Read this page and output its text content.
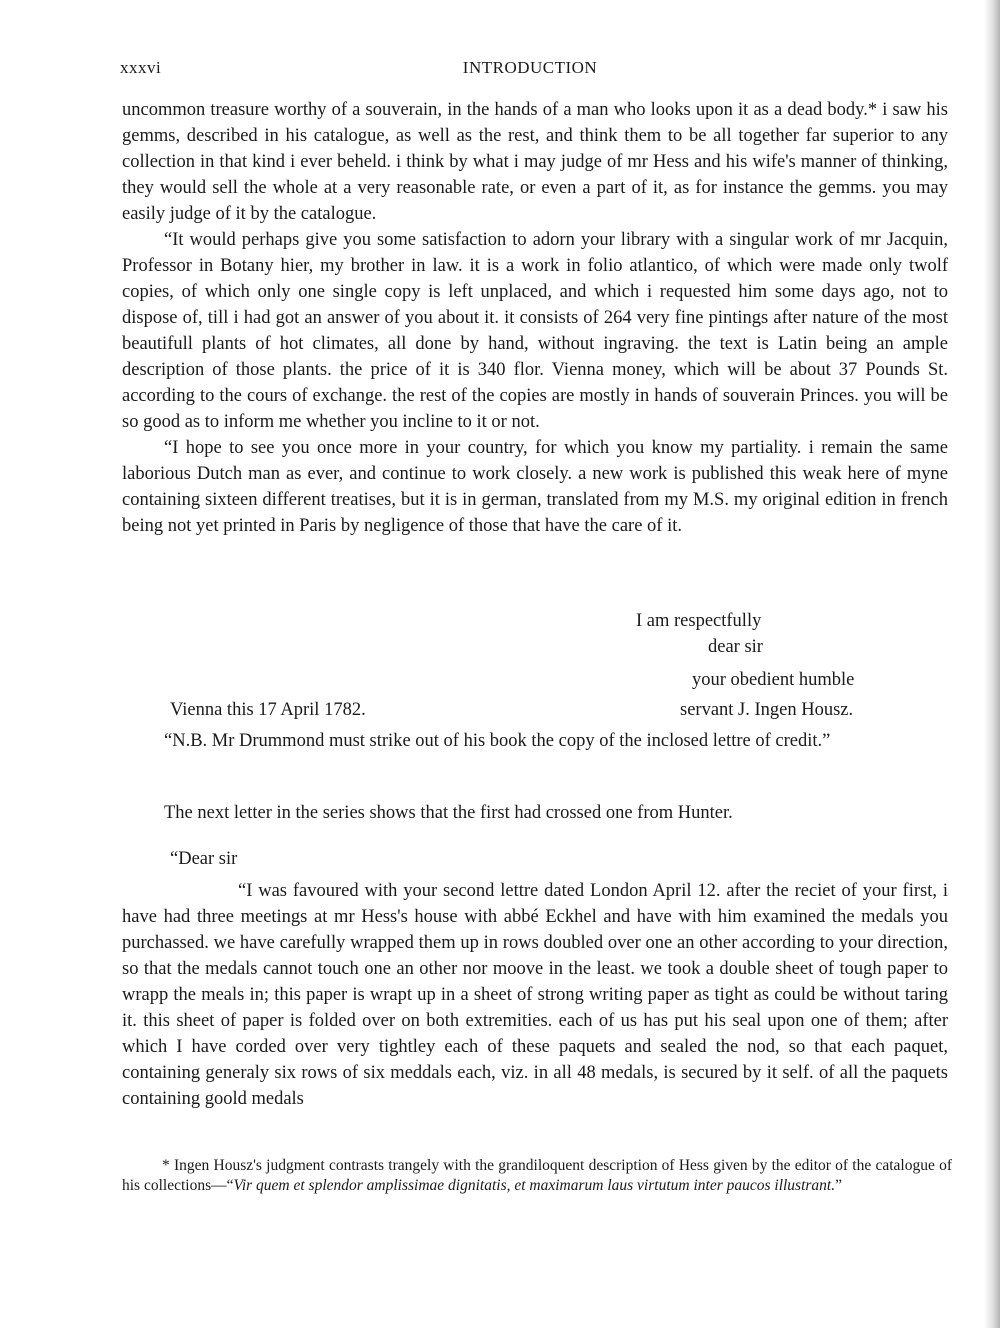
xxxvi	INTRODUCTION

uncommon treasure worthy of a souverain, in the hands of a man who looks upon it as a dead body.* i saw his gemms, described in his catalogue, as well as the rest, and think them to be all together far superior to any collection in that kind i ever beheld. i think by what i may judge of mr Hess and his wife's manner of thinking, they would sell the whole at a very reasonable rate, or even a part of it, as for instance the gemms. you may easily judge of it by the catalogue.

“It would perhaps give you some satisfaction to adorn your library with a singular work of mr Jacquin, Professor in Botany hier, my brother in law. it is a work in folio atlantico, of which were made only twolf copies, of which only one single copy is left unplaced, and which i requested him some days ago, not to dispose of, till i had got an answer of you about it. it consists of 264 very fine pintings after nature of the most beautifull plants of hot climates, all done by hand, without ingraving. the text is Latin being an ample description of those plants. the price of it is 340 flor. Vienna money, which will be about 37 Pounds St. according to the cours of exchange. the rest of the copies are mostly in hands of souverain Princes. you will be so good as to inform me whether you incline to it or not.

“I hope to see you once more in your country, for which you know my partiality. i remain the same laborious Dutch man as ever, and continue to work closely. a new work is published this weak here of myne containing sixteen different treatises, but it is in german, translated from my M.S. my original edition in french being not yet printed in Paris by negligence of those that have the care of it.

I am respectfully
dear sir
your obedient humble
Vienna this 17 April 1782.	servant J. Ingen Housz.

“N.B. Mr Drummond must strike out of his book the copy of the inclosed lettre of credit.”

The next letter in the series shows that the first had crossed one from Hunter.

“Dear sir

“I was favoured with your second lettre dated London April 12. after the reciet of your first, i have had three meetings at mr Hess's house with abbé Eckhel and have with him examined the medals you purchassed. we have carefully wrapped them up in rows doubled over one an other according to your direction, so that the medals cannot touch one an other nor moove in the least. we took a double sheet of tough paper to wrapp the meals in; this paper is wrapt up in a sheet of strong writing paper as tight as could be without taring it. this sheet of paper is folded over on both extremities. each of us has put his seal upon one of them; after which I have corded over very tightley each of these paquets and sealed the nod, so that each paquet, containing generaly six rows of six meddals each, viz. in all 48 medals, is secured by it self. of all the paquets containing goold medals

* Ingen Housz's judgment contrasts trangely with the grandiloquent description of Hess given by the editor of the catalogue of his collections—“Vir quem et splendor amplissimae dignitatis, et maximarum laus virtutum inter paucos illustrant.”
